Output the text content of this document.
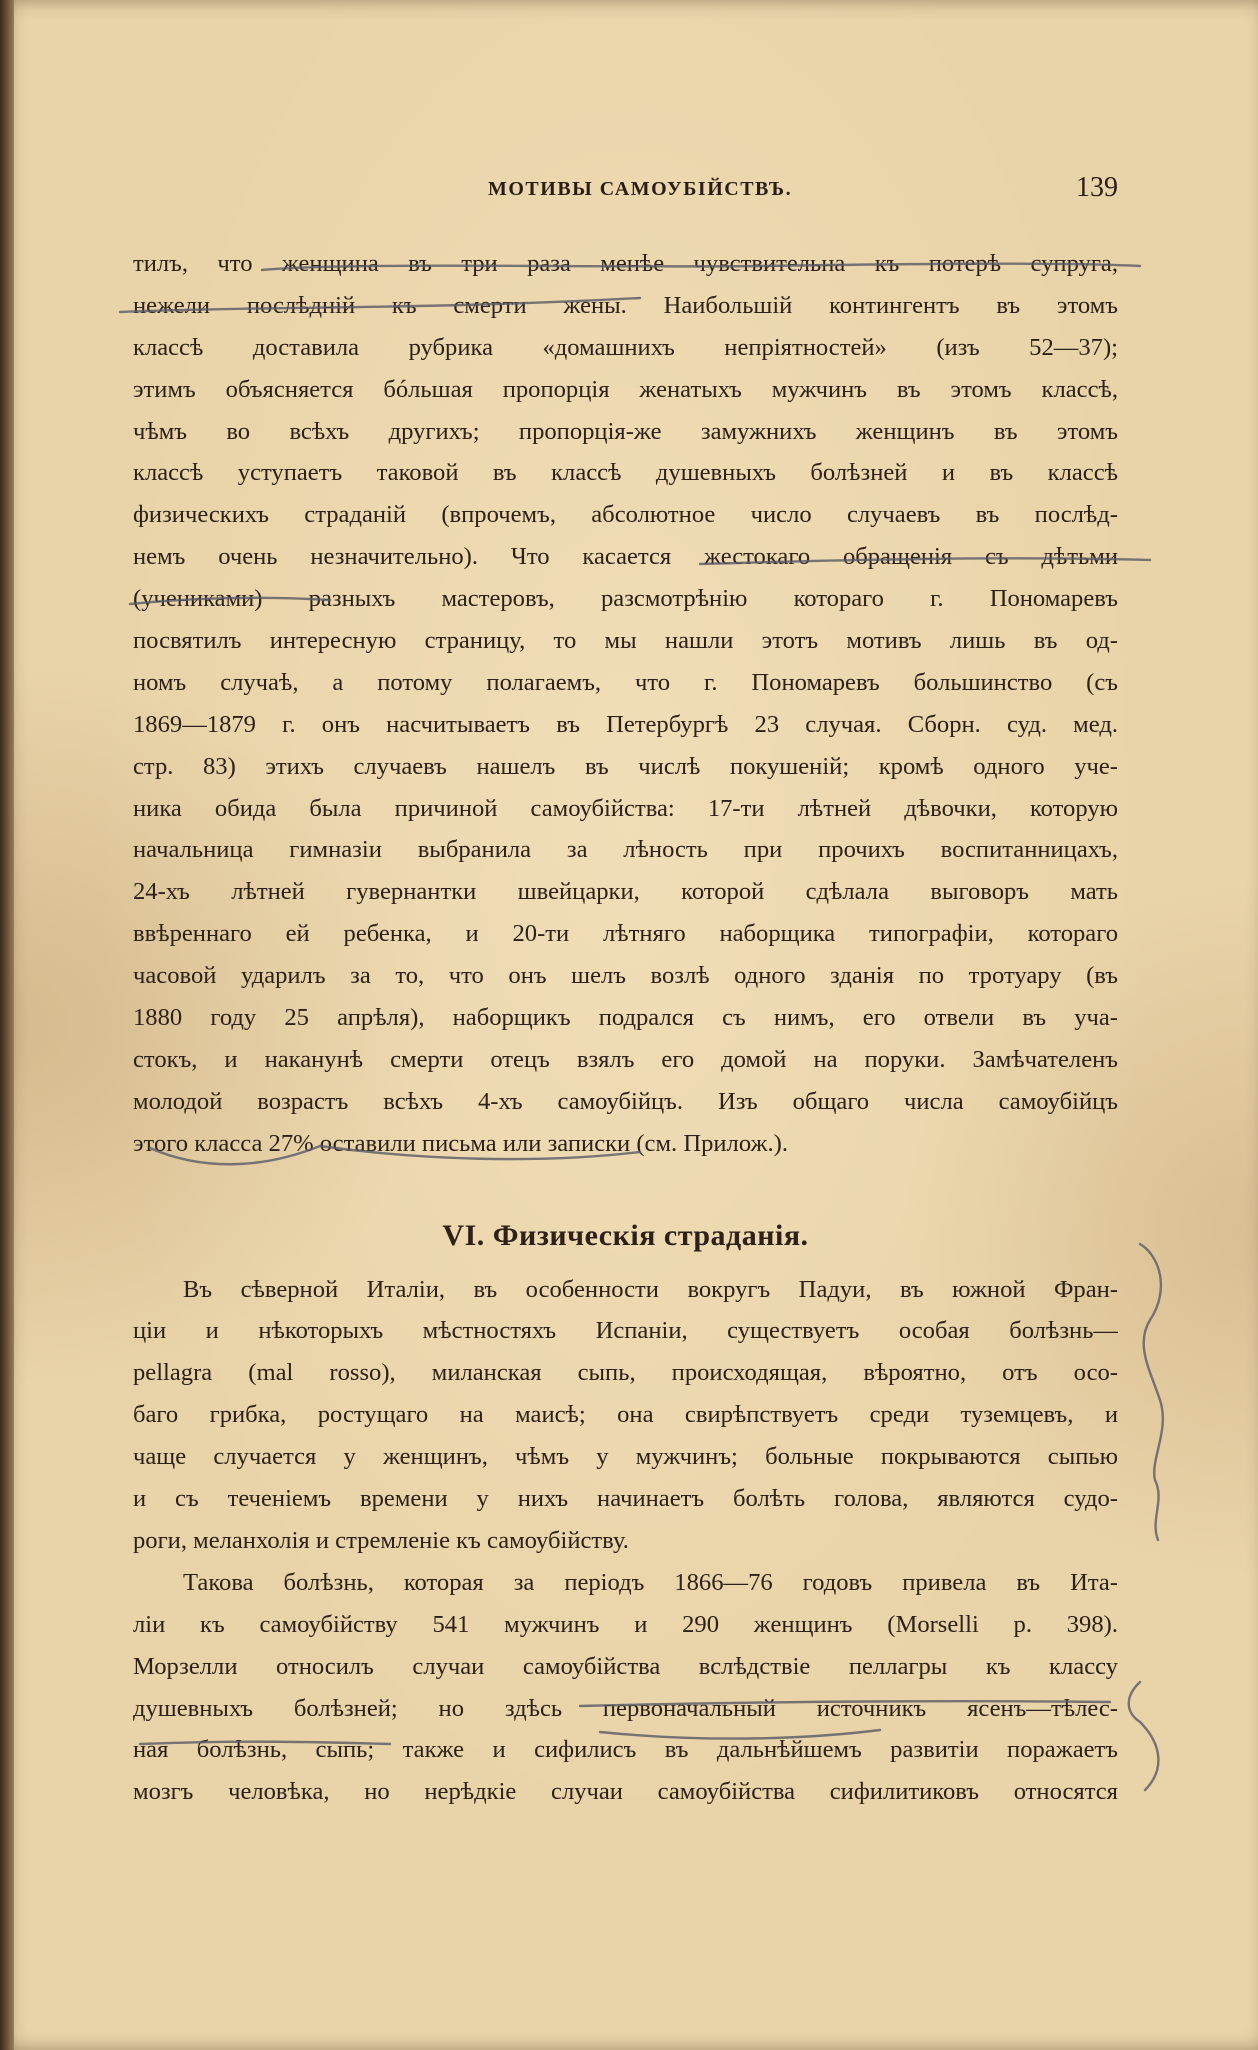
МОТИВЫ САМОУБІЙСТВЪ.	139
тилъ, что женщина въ три раза менѣе чувствительна къ потерѣ супруга,
нежели послѣдній къ смерти жены. Наибольшій контингентъ въ этомъ
классѣ доставила рубрика «домашнихъ непріятностей» (изъ 52—37);
этимъ объясняется бóльшая пропорція женатыхъ мужчинъ въ этомъ классѣ,
чѣмъ во всѣхъ другихъ; пропорція-же замужнихъ женщинъ въ этомъ
классѣ уступаетъ таковой въ классѣ душевныхъ болѣзней и въ классѣ
физическихъ страданій (впрочемъ, абсолютное число случаевъ въ послѣд-
немъ очень незначительно). Что касается жестокаго обращенія съ дѣтьми
(учениками) разныхъ мастеровъ, разсмотрѣнію котораго г. Пономаревъ
посвятилъ интересную страницу, то мы нашли этотъ мотивъ лишь въ од-
номъ случаѣ, а потому полагаемъ, что г. Пономаревъ большинство (съ
1869—1879 г. онъ насчитываетъ въ Петербургѣ 23 случая. Сборн. суд. мед.
стр. 83) этихъ случаевъ нашелъ въ числѣ покушеній; кромѣ одного уче-
ника обида была причиной самоубійства: 17-ти лѣтней дѣвочки, которую
начальница гимназіи выбранила за лѣность при прочихъ воспитанницахъ,
24-хъ лѣтней гувернантки швейцарки, которой сдѣлала выговоръ мать
ввѣреннаго ей ребенка, и 20-ти лѣтняго наборщика типографіи, котораго
часовой ударилъ за то, что онъ шелъ возлѣ одного зданія по тротуару (въ
1880 году 25 апрѣля), наборщикъ подрался съ нимъ, его отвели въ уча-
стокъ, и наканунѣ смерти отецъ взялъ его домой на поруки. Замѣчателенъ
молодой возрастъ всѣхъ 4-хъ самоубійцъ. Изъ общаго числа самоубійцъ
этого класса 27% оставили письма или записки (см. Прилож.).
VI. Физическія страданія.
Въ сѣверной Италіи, въ особенности вокругъ Падуи, въ южной Фран-
ціи и нѣкоторыхъ мѣстностяхъ Испаніи, существуетъ особая болѣзнь—
pellagra (mal rosso), миланская сыпь, происходящая, вѣроятно, отъ осо-
баго грибка, ростущаго на маисѣ; она свирѣпствуетъ среди туземцевъ, и
чаще случается у женщинъ, чѣмъ у мужчинъ; больные покрываются сыпью
и съ теченіемъ времени у нихъ начинаетъ болѣть голова, являются судо-
роги, меланхолія и стремленіе къ самоубійству.
Такова болѣзнь, которая за періодъ 1866—76 годовъ привела въ Ита-
ліи къ самоубійству 541 мужчинъ и 290 женщинъ (Morselli p. 398).
Морзелли относилъ случаи самоубійства вслѣдствіе пеллагры къ классу
душевныхъ болѣзней; но здѣсь первоначальный источникъ ясенъ—тѣлес-
ная болѣзнь, сыпь; также и сифилисъ въ дальнѣйшемъ развитіи поражаетъ
мозгъ человѣка, но нерѣдкіе случаи самоубійства сифилитиковъ относятся
